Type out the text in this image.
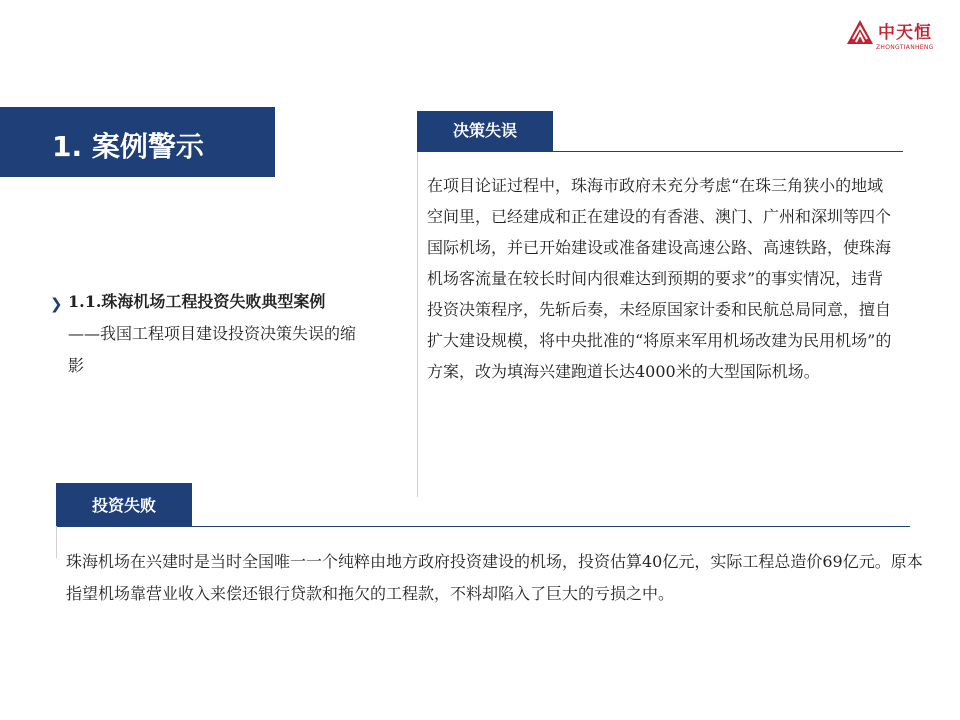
中天恒
ZHONGTIANHENG
1. 案例警示
❯ 1.1.珠海机场工程投资失败典型案例
——我国工程项目建设投资决策失误的缩影
决策失误
在项目论证过程中，珠海市政府未充分考虑“在珠三角狭小的地域空间里，已经建成和正在建设的有香港、澳门、广州和深圳等四个国际机场，并已开始建设或准备建设高速公路、高速铁路，使珠海机场客流量在较长时间内很难达到预期的要求”的事实情况，违背投资决策程序，先斩后奏，未经原国家计委和民航总局同意，擅自扩大建设规模，将中央批准的“将原来军用机场改建为民用机场”的方案，改为填海兴建跑道长达4000米的大型国际机场。
投资失败
珠海机场在兴建时是当时全国唯一一个纯粹由地方政府投资建设的机场，投资估算40亿元，实际工程总造价69亿元。原本指望机场靠营业收入来偿还银行贷款和拖欠的工程款，不料却陷入了巨大的亏损之中。
